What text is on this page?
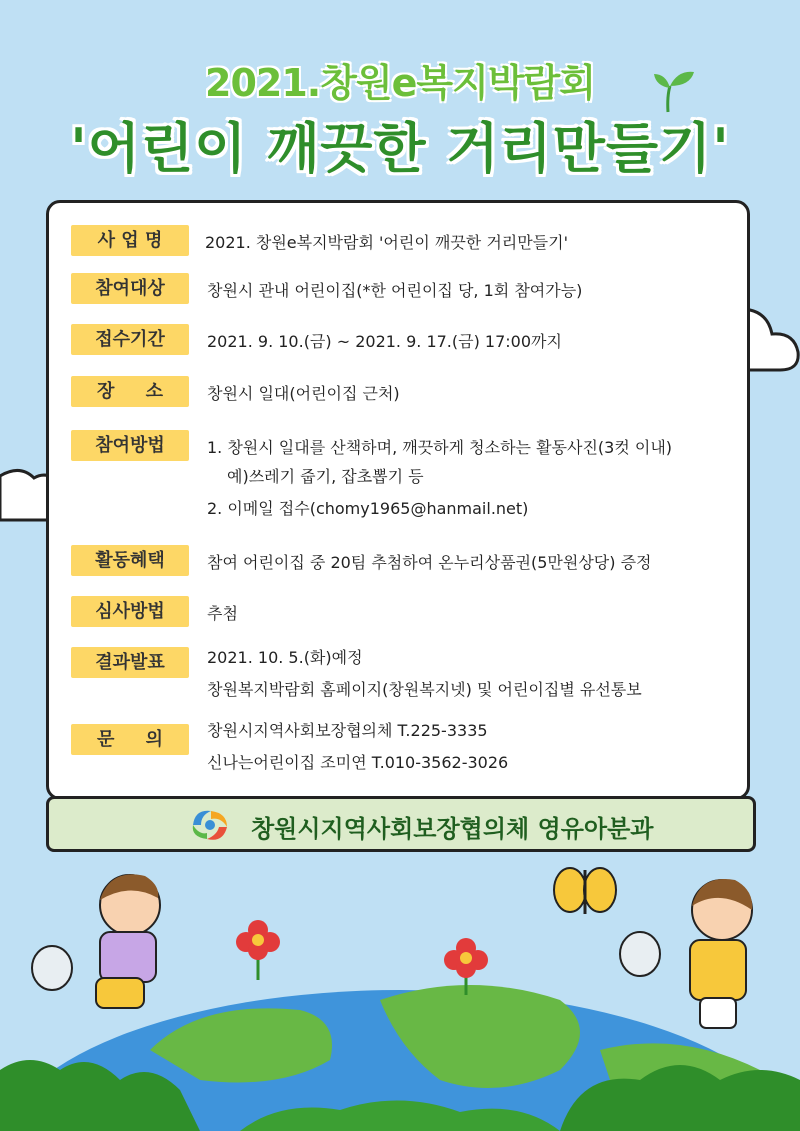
2021.창원e복지박람회
'어린이 깨끗한 거리만들기'
사 업 명	2021. 창원e복지박람회 '어린이 깨끗한 거리만들기'
참여대상	창원시 관내 어린이집(*한 어린이집 당, 1회 참여가능)
접수기간	2021. 9. 10.(금) ~ 2021. 9. 17.(금) 17:00까지
장     소	창원시 일대(어린이집 근처)
참여방법	1. 창원시 일대를 산책하며, 깨끗하게 청소하는 활동사진(3컷 이내)
예)쓰레기 줍기, 잡초뽑기 등
2. 이메일 접수(chomy1965@hanmail.net)
활동혜택	참여 어린이집 중 20팀 추첨하여 온누리상품권(5만원상당) 증정
심사방법	추첨
결과발표	2021. 10. 5.(화)예정
창원복지박람회 홈페이지(창원복지넷) 및 어린이집별 유선통보
문     의	창원시지역사회보장협의체 T.225-3335
신나는어린이집 조미연 T.010-3562-3026
창원시지역사회보장협의체 영유아분과
